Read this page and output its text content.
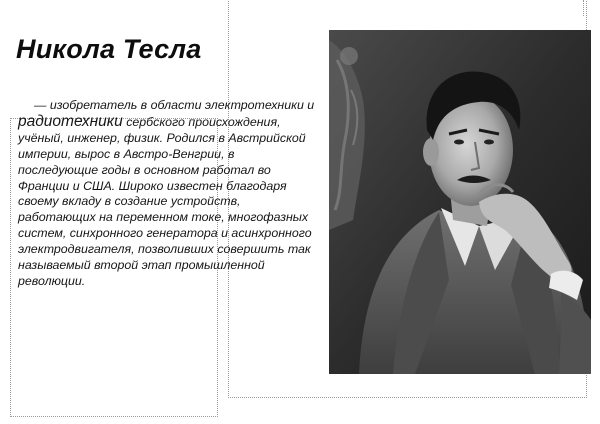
Никола Тесла

— изобретатель в области электротехники и радиотехники сербского происхождения, учёный, инженер, физик. Родился в Австрийской империи, вырос в Австро-Венгрии, в последующие годы в основном работал во Франции и США. Широко известен благодаря своему вкладу в создание устройств, работающих на переменном токе, многофазных систем, синхронного генератора и асинхронного электродвигателя, позволивших совершить так называемый второй этап промышленной революции.
